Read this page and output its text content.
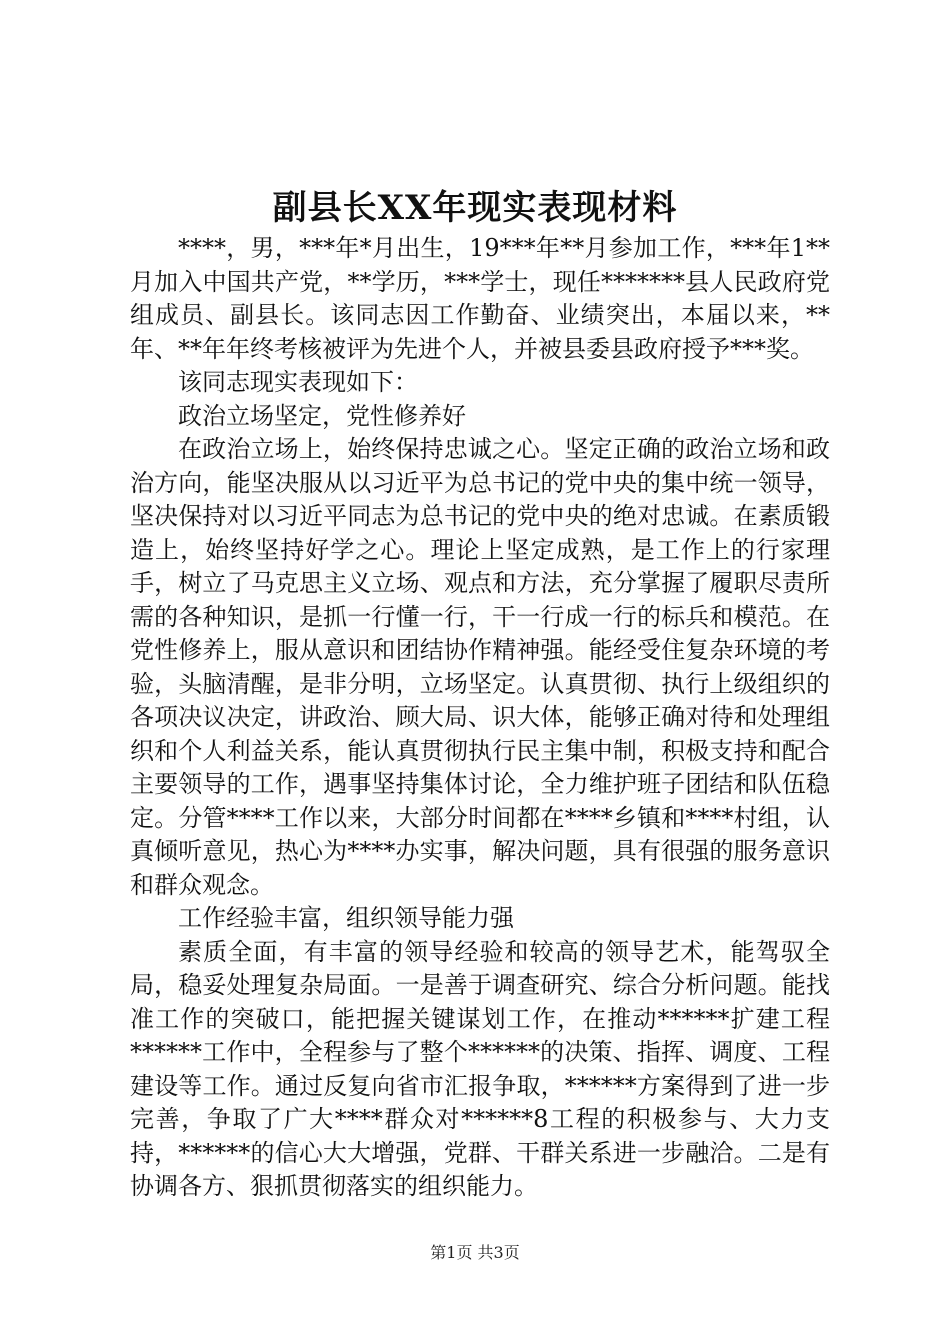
副县长XX年现实表现材料

****，男，***年*月出生，19***年**月参加工作，***年1**月加入中国共产党，**学历，***学士，现任*******县人民政府党组成员、副县长。该同志因工作勤奋、业绩突出，本届以来，**年、**年年终考核被评为先进个人，并被县委县政府授予***奖。

该同志现实表现如下：

政治立场坚定，党性修养好

在政治立场上，始终保持忠诚之心。坚定正确的政治立场和政治方向，能坚决服从以习近平为总书记的党中央的集中统一领导，坚决保持对以习近平同志为总书记的党中央的绝对忠诚。在素质锻造上，始终坚持好学之心。理论上坚定成熟，是工作上的行家理手，树立了马克思主义立场、观点和方法，充分掌握了履职尽责所需的各种知识，是抓一行懂一行，干一行成一行的标兵和模范。在党性修养上，服从意识和团结协作精神强。能经受住复杂环境的考验，头脑清醒，是非分明，立场坚定。认真贯彻、执行上级组织的各项决议决定，讲政治、顾大局、识大体，能够正确对待和处理组织和个人利益关系，能认真贯彻执行民主集中制，积极支持和配合主要领导的工作，遇事坚持集体讨论，全力维护班子团结和队伍稳定。分管****工作以来，大部分时间都在****乡镇和****村组，认真倾听意见，热心为****办实事，解决问题，具有很强的服务意识和群众观念。

工作经验丰富，组织领导能力强

素质全面，有丰富的领导经验和较高的领导艺术，能驾驭全局，稳妥处理复杂局面。一是善于调查研究、综合分析问题。能找准工作的突破口，能把握关键谋划工作，在推动******扩建工程******工作中，全程参与了整个******的决策、指挥、调度、工程建设等工作。通过反复向省市汇报争取，******方案得到了进一步完善，争取了广大****群众对******8工程的积极参与、大力支持，******的信心大大增强，党群、干群关系进一步融洽。二是有协调各方、狠抓贯彻落实的组织能力。

第1页 共3页
